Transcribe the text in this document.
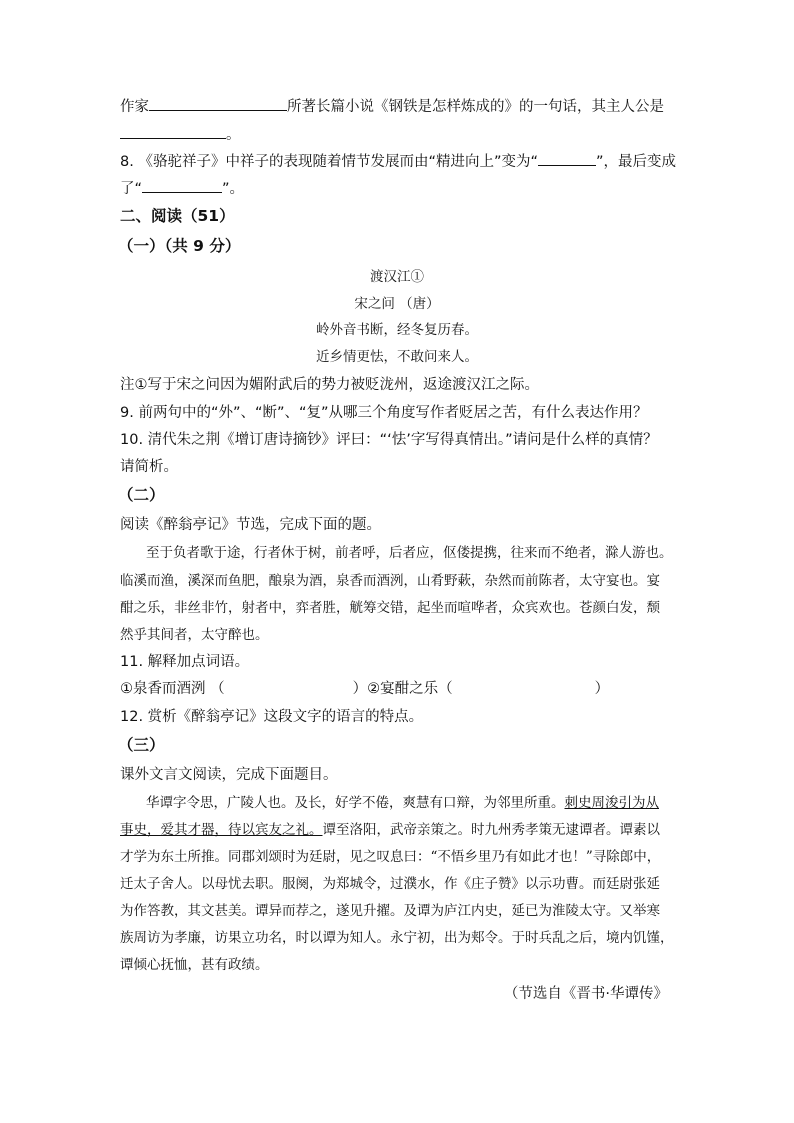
作家	所著长篇小说《钢铁是怎样炼成的》的一句话，其主人公是
。
8. 《骆驼祥子》中祥子的表现随着情节发展而由“精进向上”变为“	”，最后变成
了“	”。
二、阅读（51）
（一）（共 9 分）
渡汉江①
宋之问 （唐）
岭外音书断，经冬复历春。
近乡情更怯，不敢问来人。
注①写于宋之问因为媚附武后的势力被贬泷州，返途渡汉江之际。
9. 前两句中的“外”、“断”、“复”从哪三个角度写作者贬居之苦，有什么表达作用？
10. 清代朱之荆《增订唐诗摘钞》评曰：“‘怯’字写得真情出。”请问是什么样的真情？
请简析。
（二）
阅读《醉翁亭记》节选，完成下面的题。
至于负者歌于途，行者休于树，前者呼，后者应，伛偻提携，往来而不绝者，滁人游也。
临溪而渔，溪深而鱼肥，酿泉为酒，泉香而酒洌，山肴野蔌，杂然而前陈者，太守宴也。宴
酣之乐，非丝非竹，射者中，弈者胜，觥筹交错，起坐而喧哗者，众宾欢也。苍颜白发，颓
然乎其间者，太守醉也。
11. 解释加点词语。
①泉香而酒洌 （	）②宴酣之乐（	）
12. 赏析《醉翁亭记》这段文字的语言的特点。
（三）
课外文言文阅读，完成下面题目。
华谭字令思，广陵人也。及长，好学不倦，爽慧有口辩，为邻里所重。刺史周浚引为从
事史，爱其才器，待以宾友之礼。谭至洛阳，武帝亲策之。时九州秀孝策无逮谭者。谭素以
才学为东土所推。同郡刘颂时为廷尉，见之叹息曰：“不悟乡里乃有如此才也！”寻除郎中，
迁太子舍人。以母忧去职。服阕，为郑城令，过濮水，作《庄子赞》以示功曹。而廷尉张延
为作答教，其文甚美。谭异而荐之，遂见升擢。及谭为庐江内史，延已为淮陵太守。又举寒
族周访为孝廉，访果立功名，时以谭为知人。永宁初，出为郏令。于时兵乱之后，境内饥馑，
谭倾心抚恤，甚有政绩。
（节选自《晋书·华谭传》
